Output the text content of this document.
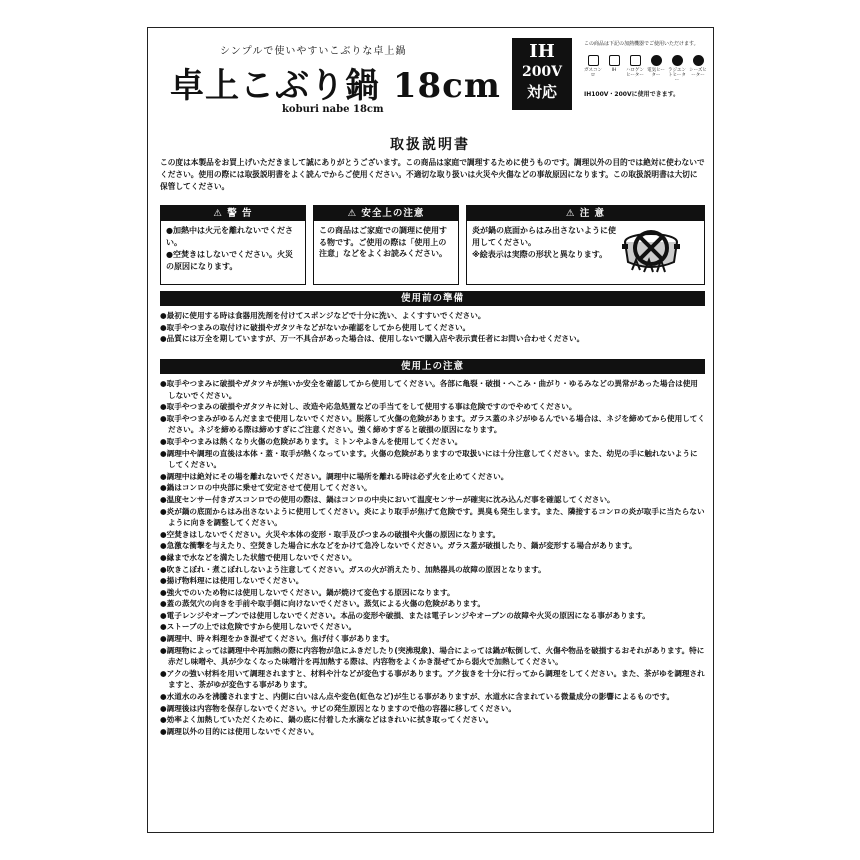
シンプルで使いやすいこぶりな卓上鍋
卓上こぶり鍋 18cm
koburi nabe 18cm
IH
200V
対応
この商品は下記の加熱機器でご使用いただけます。
ガスコンロ
IH	ハロゲンヒーター
電気ヒーター
ラジエントヒーター
シーズヒーター
IH100V・200Vに使用できます。
取扱説明書
この度は本製品をお買上げいただきまして誠にありがとうございます。この商品は家庭で調理するために使うものです。調理以外の目的では絶対に使わないでください。使用の際には取扱説明書をよく読んでからご使用ください。不適切な取り扱いは火災や火傷などの事故原因になります。この取扱説明書は大切に保管してください。
⚠ 警 告
●加熱中は火元を離れないでください。
●空焚きはしないでください。火災の原因になります。
⚠ 安全上の注意
この商品はご家庭での調理に使用する物です。ご使用の際は「使用上の注意」などをよくお読みください。
⚠ 注 意
炎が鍋の底面からはみ出さないように使用してください。
※絵表示は実際の形状と異なります。
使用前の準備
●最初に使用する時は食器用洗剤を付けてスポンジなどで十分に洗い、よくすすいでください。
●取手やつまみの取付けに破損やガタツキなどがないか確認をしてから使用してください。
●品質には万全を期していますが、万一不具合があった場合は、使用しないで購入店や表示責任者にお問い合わせください。
使用上の注意
●取手やつまみに破損やガタツキが無いか安全を確認してから使用してください。各部に亀裂・破損・へこみ・曲がり・ゆるみなどの異常があった場合は使用しないでください。
●取手やつまみの破損やガタツキに対し、改造や応急処置などの手当てをして使用する事は危険ですのでやめてください。
●取手やつまみがゆるんだままで使用しないでください。脱落して火傷の危険があります。ガラス蓋のネジがゆるんでいる場合は、ネジを締めてから使用してください。ネジを締める際は締めすぎにご注意ください。強く締めすぎると破損の原因になります。
●取手やつまみは熱くなり火傷の危険があります。ミトンやふきんを使用してください。
●調理中や調理の直後は本体・蓋・取手が熱くなっています。火傷の危険がありますので取扱いには十分注意してください。また、幼児の手に触れないようにしてください。
●調理中は絶対にその場を離れないでください。調理中に場所を離れる時は必ず火を止めてください。
●鍋はコンロの中央部に乗せて安定させて使用してください。
●温度センサー付きガスコンロでの使用の際は、鍋はコンロの中央において温度センサーが確実に沈み込んだ事を確認してください。
●炎が鍋の底面からはみ出さないように使用してください。炎により取手が焦げて危険です。異臭も発生します。また、隣接するコンロの炎が取手に当たらないように向きを調整してください。
●空焚きはしないでください。火災や本体の変形・取手及びつまみの破損や火傷の原因になります。
●急激な衝撃を与えたり、空焚きした場合に水などをかけて急冷しないでください。ガラス蓋が破損したり、鍋が変形する場合があります。
●縁まで水などを満たした状態で使用しないでください。
●吹きこぼれ・煮こぼれしないよう注意してください。ガスの火が消えたり、加熱器具の故障の原因となります。
●揚げ物料理には使用しないでください。
●強火でのいため物には使用しないでください。鍋が焼けて変色する原因になります。
●蓋の蒸気穴の向きを手前や取手側に向けないでください。蒸気による火傷の危険があります。
●電子レンジやオーブンでは使用しないでください。本品の変形や破損、または電子レンジやオーブンの故障や火災の原因になる事があります。
●ストーブの上では危険ですから使用しないでください。
●調理中、時々料理をかき混ぜてください。焦げ付く事があります。
●調理物によっては調理中や再加熱の際に内容物が急にふきだしたり(突沸現象)、場合によっては鍋が転倒して、火傷や物品を破損するおそれがあります。特に赤だし味噌や、具が少なくなった味噌汁を再加熱する際は、内容物をよくかき混ぜてから弱火で加熱してください。
●アクの強い材料を用いて調理されますと、材料や汁などが変色する事があります。アク抜きを十分に行ってから調理をしてください。また、茶がゆを調理されますと、茶がゆが変色する事があります。
●水道水のみを沸騰されますと、内側に白いはん点や変色(虹色など)が生じる事がありますが、水道水に含まれている微量成分の影響によるものです。
●調理後は内容物を保存しないでください。サビの発生原因となりますので他の容器に移してください。
●効率よく加熱していただくために、鍋の底に付着した水滴などはきれいに拭き取ってください。
●調理以外の目的には使用しないでください。
